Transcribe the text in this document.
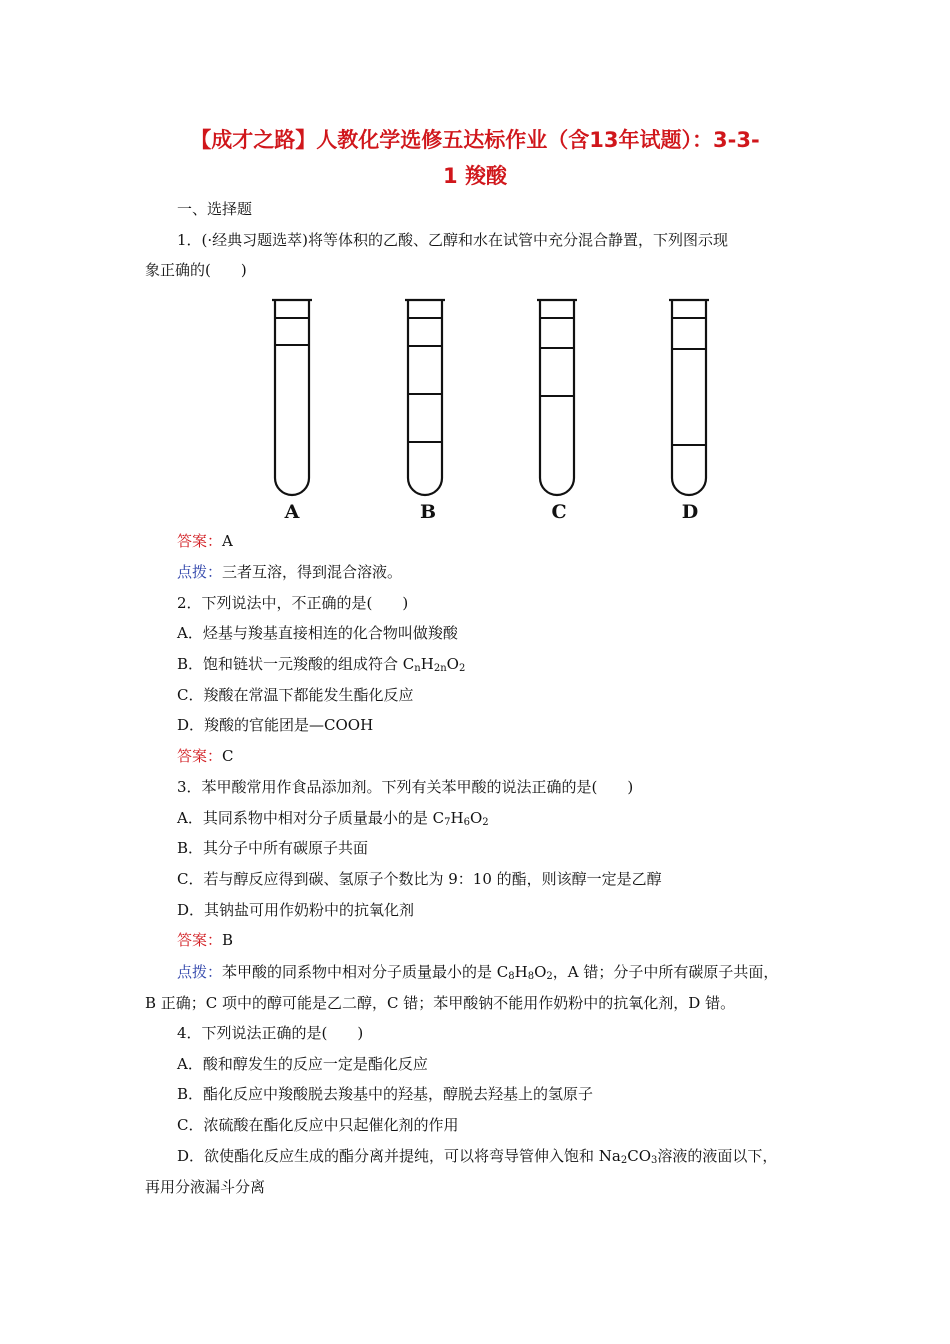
【成才之路】人教化学选修五达标作业（含13年试题）：3-3-
1 羧酸
一、选择题
1．(·经典习题选萃)将等体积的乙酸、乙醇和水在试管中充分混合静置，下列图示现
象正确的(　　)
A	B	C	D
答案：A
点拨：三者互溶，得到混合溶液。
2．下列说法中，不正确的是(　　)
A．烃基与羧基直接相连的化合物叫做羧酸
B．饱和链状一元羧酸的组成符合 $C_nH_{2n}O_2$
C．羧酸在常温下都能发生酯化反应
D．羧酸的官能团是—COOH
答案：C
3．苯甲酸常用作食品添加剂。下列有关苯甲酸的说法正确的是(　　)
A．其同系物中相对分子质量最小的是 $C_7H_6O_2$
B．其分子中所有碳原子共面
C．若与醇反应得到碳、氢原子个数比为 9：10 的酯，则该醇一定是乙醇
D．其钠盐可用作奶粉中的抗氧化剂
答案：B
点拨：苯甲酸的同系物中相对分子质量最小的是 $C_8H_8O_2$，A 错；分子中所有碳原子共面，
B 正确；C 项中的醇可能是乙二醇，C 错；苯甲酸钠不能用作奶粉中的抗氧化剂，D 错。
4．下列说法正确的是(　　)
A．酸和醇发生的反应一定是酯化反应
B．酯化反应中羧酸脱去羧基中的羟基，醇脱去羟基上的氢原子
C．浓硫酸在酯化反应中只起催化剂的作用
D．欲使酯化反应生成的酯分离并提纯，可以将弯导管伸入饱和 $Na_2CO_3$溶液的液面以下，
再用分液漏斗分离
